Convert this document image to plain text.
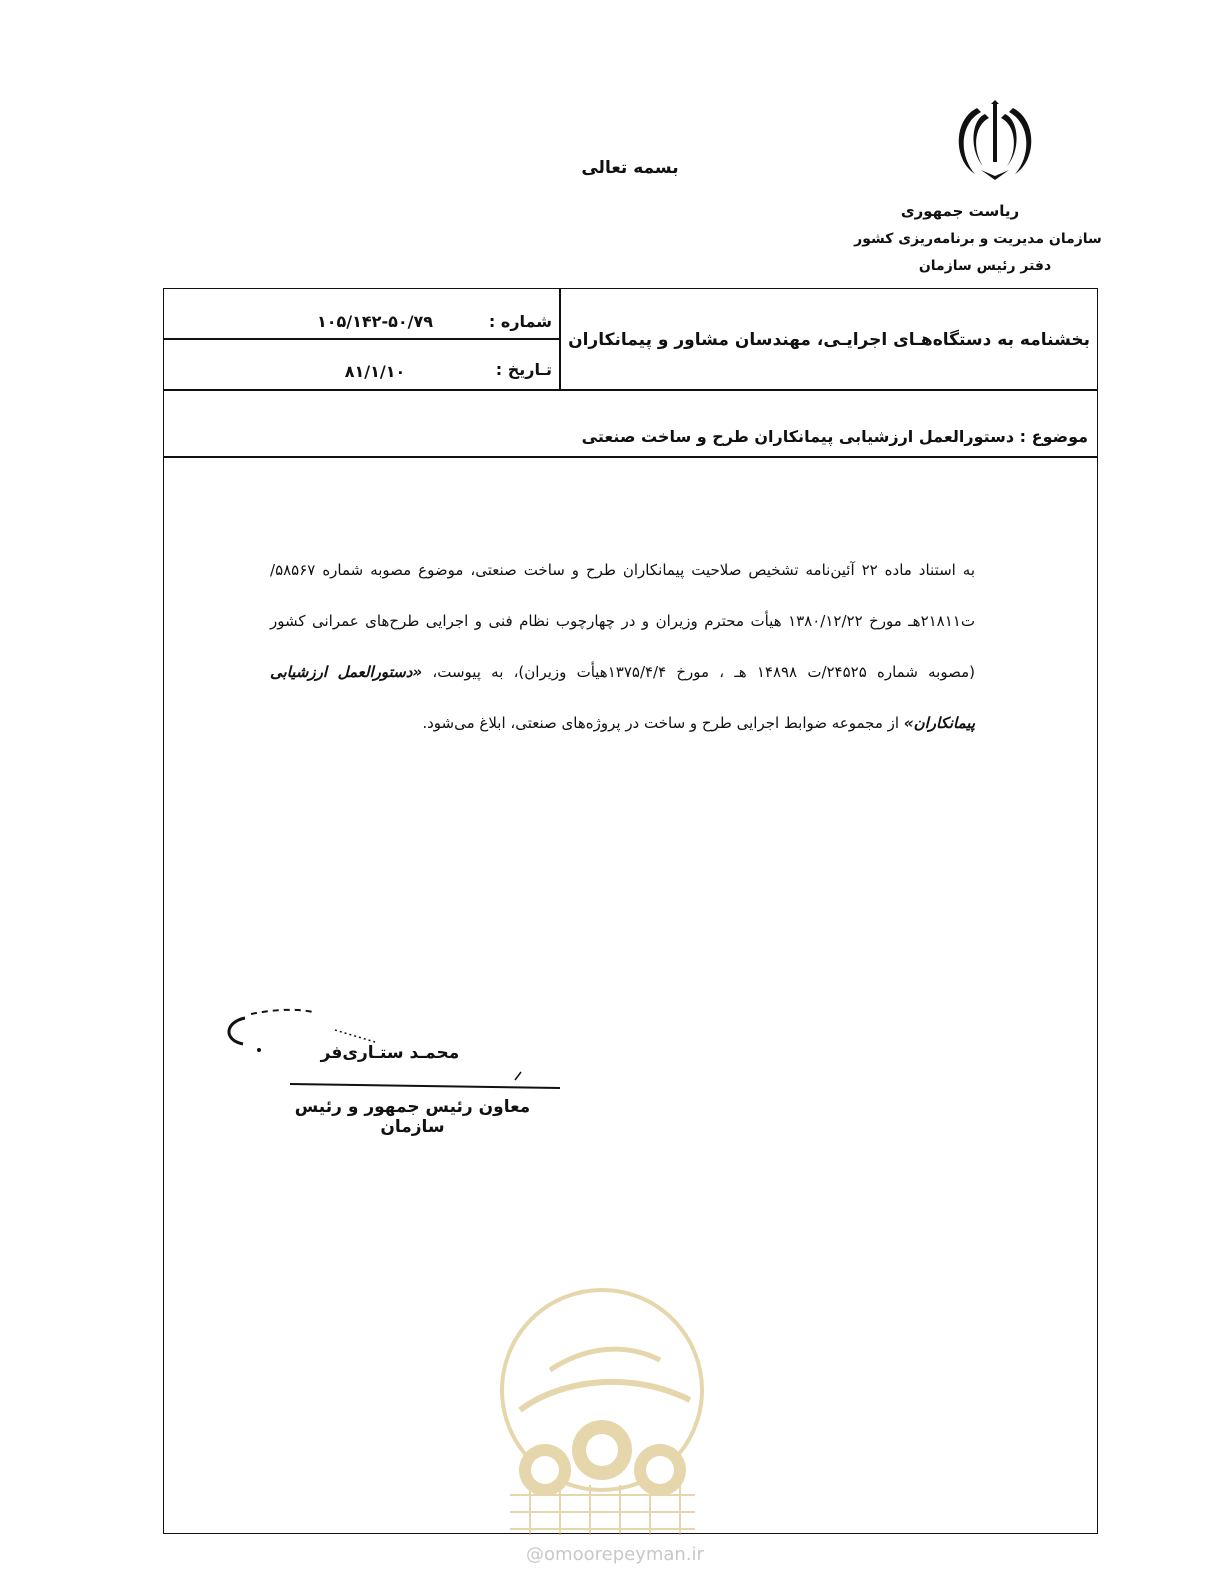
بسمه تعالی
ریاست جمهوری
سازمان مدیریت و برنامه‌ریزی کشور
دفتر رئیس سازمان
بخشنامه به دستگاه‌هـای اجرایـی، مهندسان مشاور و پیمانکاران
شماره :
۱۰۵/۱۴۲-۵۰/۷۹
تـاریخ :
۸۱/۱/۱۰
موضوع : دستورالعمل ارزشیابی پیمانکاران طرح و ساخت صنعتی
به استناد ماده ۲۲ آئین‌نامه تشخیص صلاحیت پیمانکاران طرح و ساخت صنعتی، موضوع مصوبه شماره ۵۸۵۶۷/ت۲۱۸۱۱هـ مورخ ۱۳۸۰/۱۲/۲۲ هیأت محترم وزیران و در چهارچوب نظام فنی و اجرایی طرح‌های عمرانی کشور (مصوبه شماره ۲۴۵۲۵/ت ۱۴۸۹۸ هـ ، مورخ ۱۳۷۵/۴/۴هیأت وزیران)، به پیوست، «دستورالعمل ارزشیابی پیمانکاران» از مجموعه ضوابط اجرایی طرح و ساخت در پروژه‌های صنعتی، ابلاغ می‌شود.
محمـد ستـاری‌فر
معاون رئیس جمهور و رئیس سازمان
@omoorepeyman.ir
